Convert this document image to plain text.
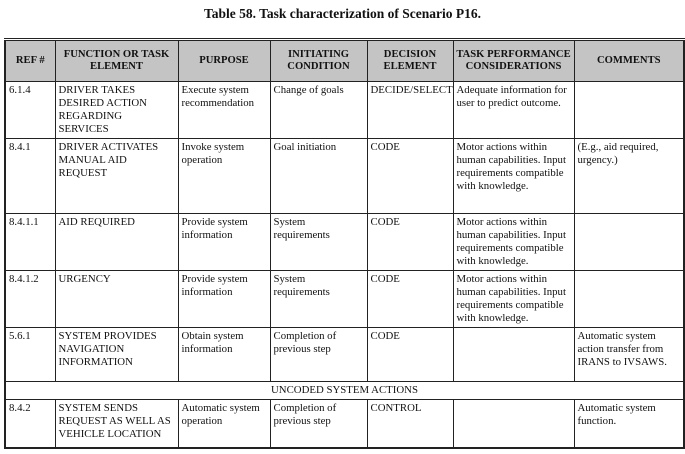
Table 58. Task characterization of Scenario P16.
REF #	FUNCTION OR TASK ELEMENT	PURPOSE	INITIATING CONDITION	DECISION ELEMENT	TASK PERFORMANCE CONSIDERATIONS	COMMENTS
6.1.4	DRIVER TAKES DESIRED ACTION REGARDING SERVICES	Execute system recommendation	Change of goals	DECIDE/SELECT	Adequate information for user to predict outcome.	
8.4.1	DRIVER ACTIVATES MANUAL AID REQUEST	Invoke system operation	Goal initiation	CODE	Motor actions within human capabilities. Input requirements compatible with knowledge.	(E.g., aid required, urgency.)
8.4.1.1	AID REQUIRED	Provide system information	System requirements	CODE	Motor actions within human capabilities. Input requirements compatible with knowledge.	
8.4.1.2	URGENCY	Provide system information	System requirements	CODE	Motor actions within human capabilities. Input requirements compatible with knowledge.	
5.6.1	SYSTEM PROVIDES NAVIGATION INFORMATION	Obtain system information	Completion of previous step	CODE		Automatic system action transfer from IRANS to IVSAWS.
UNCODED SYSTEM ACTIONS						
8.4.2	SYSTEM SENDS REQUEST AS WELL AS VEHICLE LOCATION	Automatic system operation	Completion of previous step	CONTROL		Automatic system function.
